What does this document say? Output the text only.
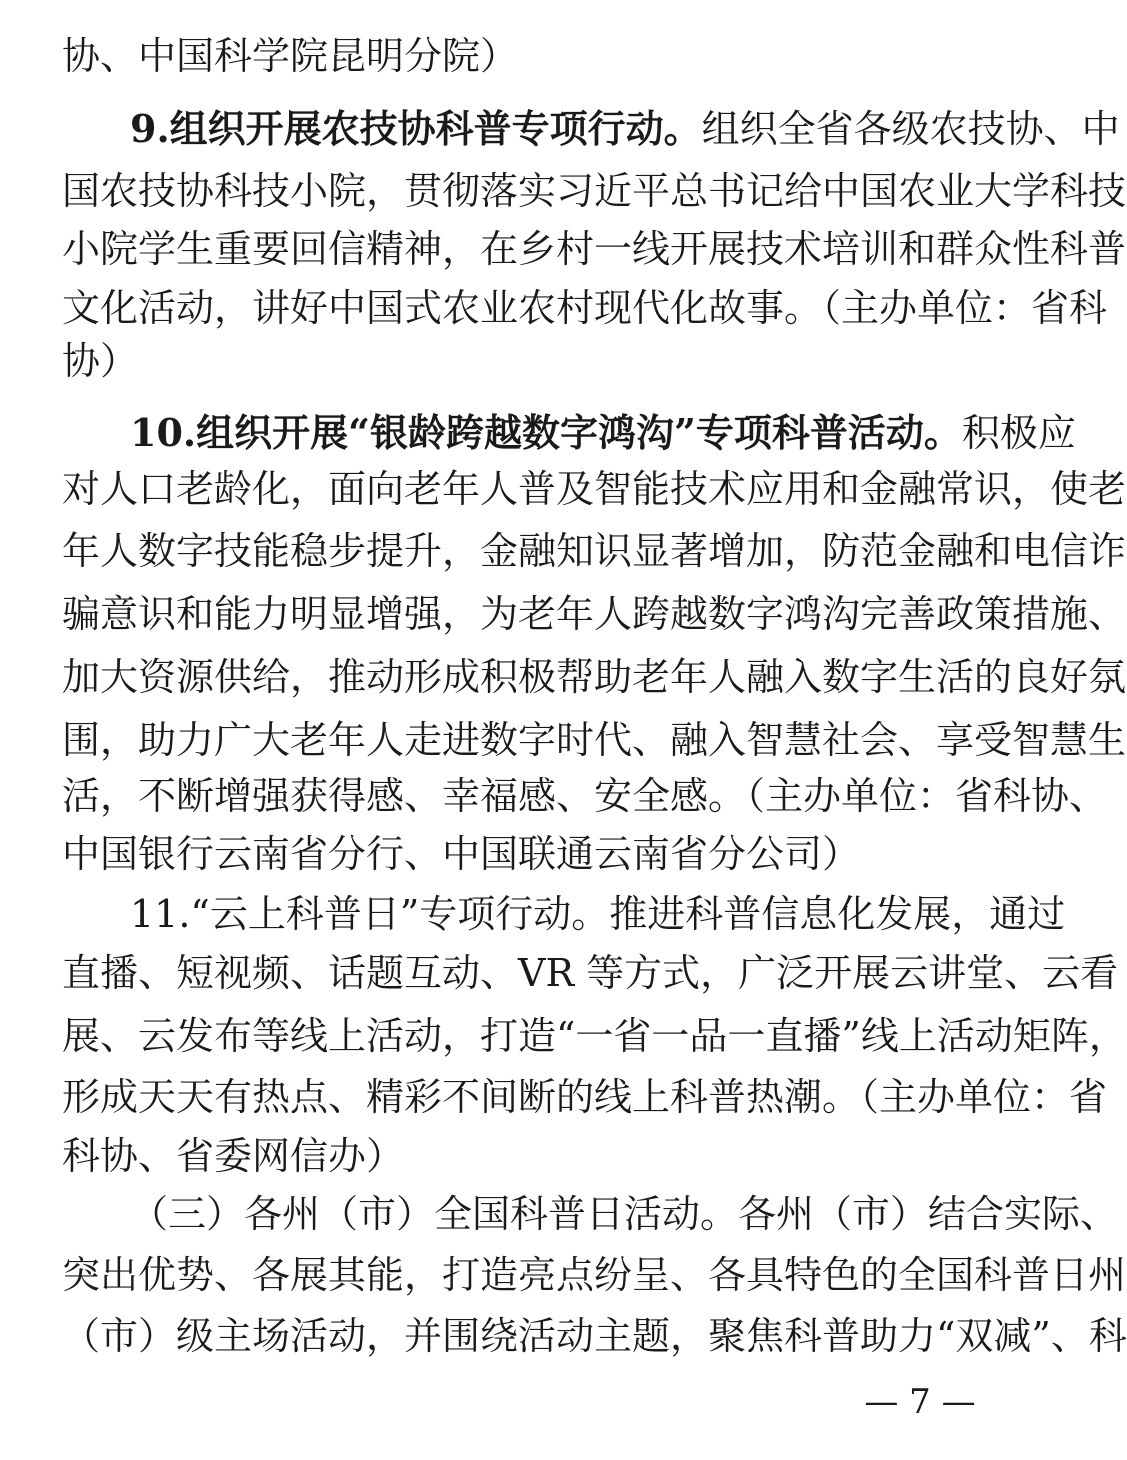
协、中国科学院昆明分院）
9.组织开展农技协科普专项行动。组织全省各级农技协、中
国农技协科技小院，贯彻落实习近平总书记给中国农业大学科技
小院学生重要回信精神，在乡村一线开展技术培训和群众性科普
文化活动，讲好中国式农业农村现代化故事。（主办单位：省科
协）
10.组织开展“银龄跨越数字鸿沟”专项科普活动。积极应
对人口老龄化，面向老年人普及智能技术应用和金融常识，使老
年人数字技能稳步提升，金融知识显著增加，防范金融和电信诈
骗意识和能力明显增强，为老年人跨越数字鸿沟完善政策措施、
加大资源供给，推动形成积极帮助老年人融入数字生活的良好氛
围，助力广大老年人走进数字时代、融入智慧社会、享受智慧生
活，不断增强获得感、幸福感、安全感。（主办单位：省科协、
中国银行云南省分行、中国联通云南省分公司）
11.“云上科普日”专项行动。推进科普信息化发展，通过
直播、短视频、话题互动、VR 等方式，广泛开展云讲堂、云看
展、云发布等线上活动，打造“一省一品一直播”线上活动矩阵，
形成天天有热点、精彩不间断的线上科普热潮。（主办单位：省
科协、省委网信办）
（三）各州（市）全国科普日活动。各州（市）结合实际、
突出优势、各展其能，打造亮点纷呈、各具特色的全国科普日州
（市）级主场活动，并围绕活动主题，聚焦科普助力“双减”、科
— 7 —
